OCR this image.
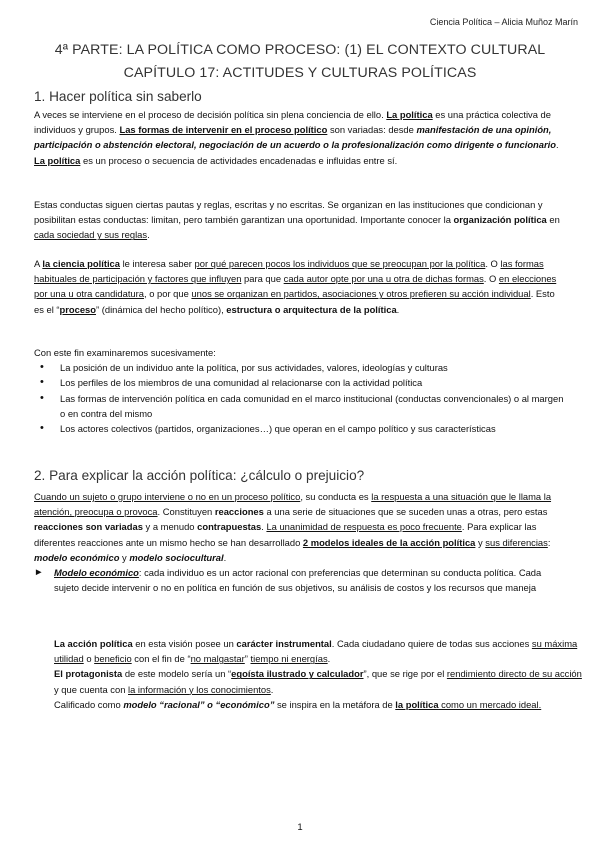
Ciencia Política – Alicia Muñoz Marín
4ª PARTE: LA POLÍTICA COMO PROCESO: (1) EL CONTEXTO CULTURAL
CAPÍTULO 17: ACTITUDES Y CULTURAS POLÍTICAS
1. Hacer política sin saberlo

A veces se interviene en el proceso de decisión política sin plena conciencia de ello. La política es una práctica colectiva de individuos y grupos. Las formas de intervenir en el proceso político son variadas: desde manifestación de una opinión, participación o abstención electoral, negociación de un acuerdo o la profesionalización como dirigente o funcionario. La política es un proceso o secuencia de actividades encadenadas e influidas entre sí.

Estas conductas siguen ciertas pautas y reglas, escritas y no escritas. Se organizan en las instituciones que condicionan y posibilitan estas conductas: limitan, pero también garantizan una oportunidad. Importante conocer la organización política en cada sociedad y sus reglas.

A la ciencia política le interesa saber por qué parecen pocos los individuos que se preocupan por la política. O las formas habituales de participación y factores que influyen para que cada autor opte por una u otra de dichas formas. O en elecciones por una u otra candidatura, o por que unos se organizan en partidos, asociaciones y otros prefieren su acción individual. Esto es el “proceso” (dinámica del hecho político), estructura o arquitectura de la política.

Con este fin examinaremos sucesivamente:

• La posición de un individuo ante la política, por sus actividades, valores, ideologías y culturas
• Los perfiles de los miembros de una comunidad al relacionarse con la actividad política
• Las formas de intervención política en cada comunidad en el marco institucional (conductas convencionales) o al margen o en contra del mismo
• Los actores colectivos (partidos, organizaciones…) que operan en el campo político y sus características
2. Para explicar la acción política: ¿cálculo o prejuicio?

Cuando un sujeto o grupo interviene o no en un proceso político, su conducta es la respuesta a una situación que le llama la atención, preocupa o provoca. Constituyen reacciones a una serie de situaciones que se suceden unas a otras, pero estas reacciones son variadas y a menudo contrapuestas. La unanimidad de respuesta es poco frecuente. Para explicar las diferentes reacciones ante un mismo hecho se han desarrollado 2 modelos ideales de la acción política y sus diferencias: modelo económico y modelo sociocultural.

► Modelo económico: cada individuo es un actor racional con preferencias que determinan su conducta política. Cada sujeto decide intervenir o no en política en función de sus objetivos, su análisis de costos y los recursos que maneja

La acción política en esta visión posee un carácter instrumental. Cada ciudadano quiere de todas sus acciones su máxima utilidad o beneficio con el fin de “no malgastar” tiempo ni energías.

El protagonista de este modelo sería un “egoísta ilustrado y calculador”, que se rige por el rendimiento directo de su acción y que cuenta con la información y los conocimientos.

Calificado como modelo “racional” o “económico” se inspira en la metáfora de la política como un mercado ideal.

1
